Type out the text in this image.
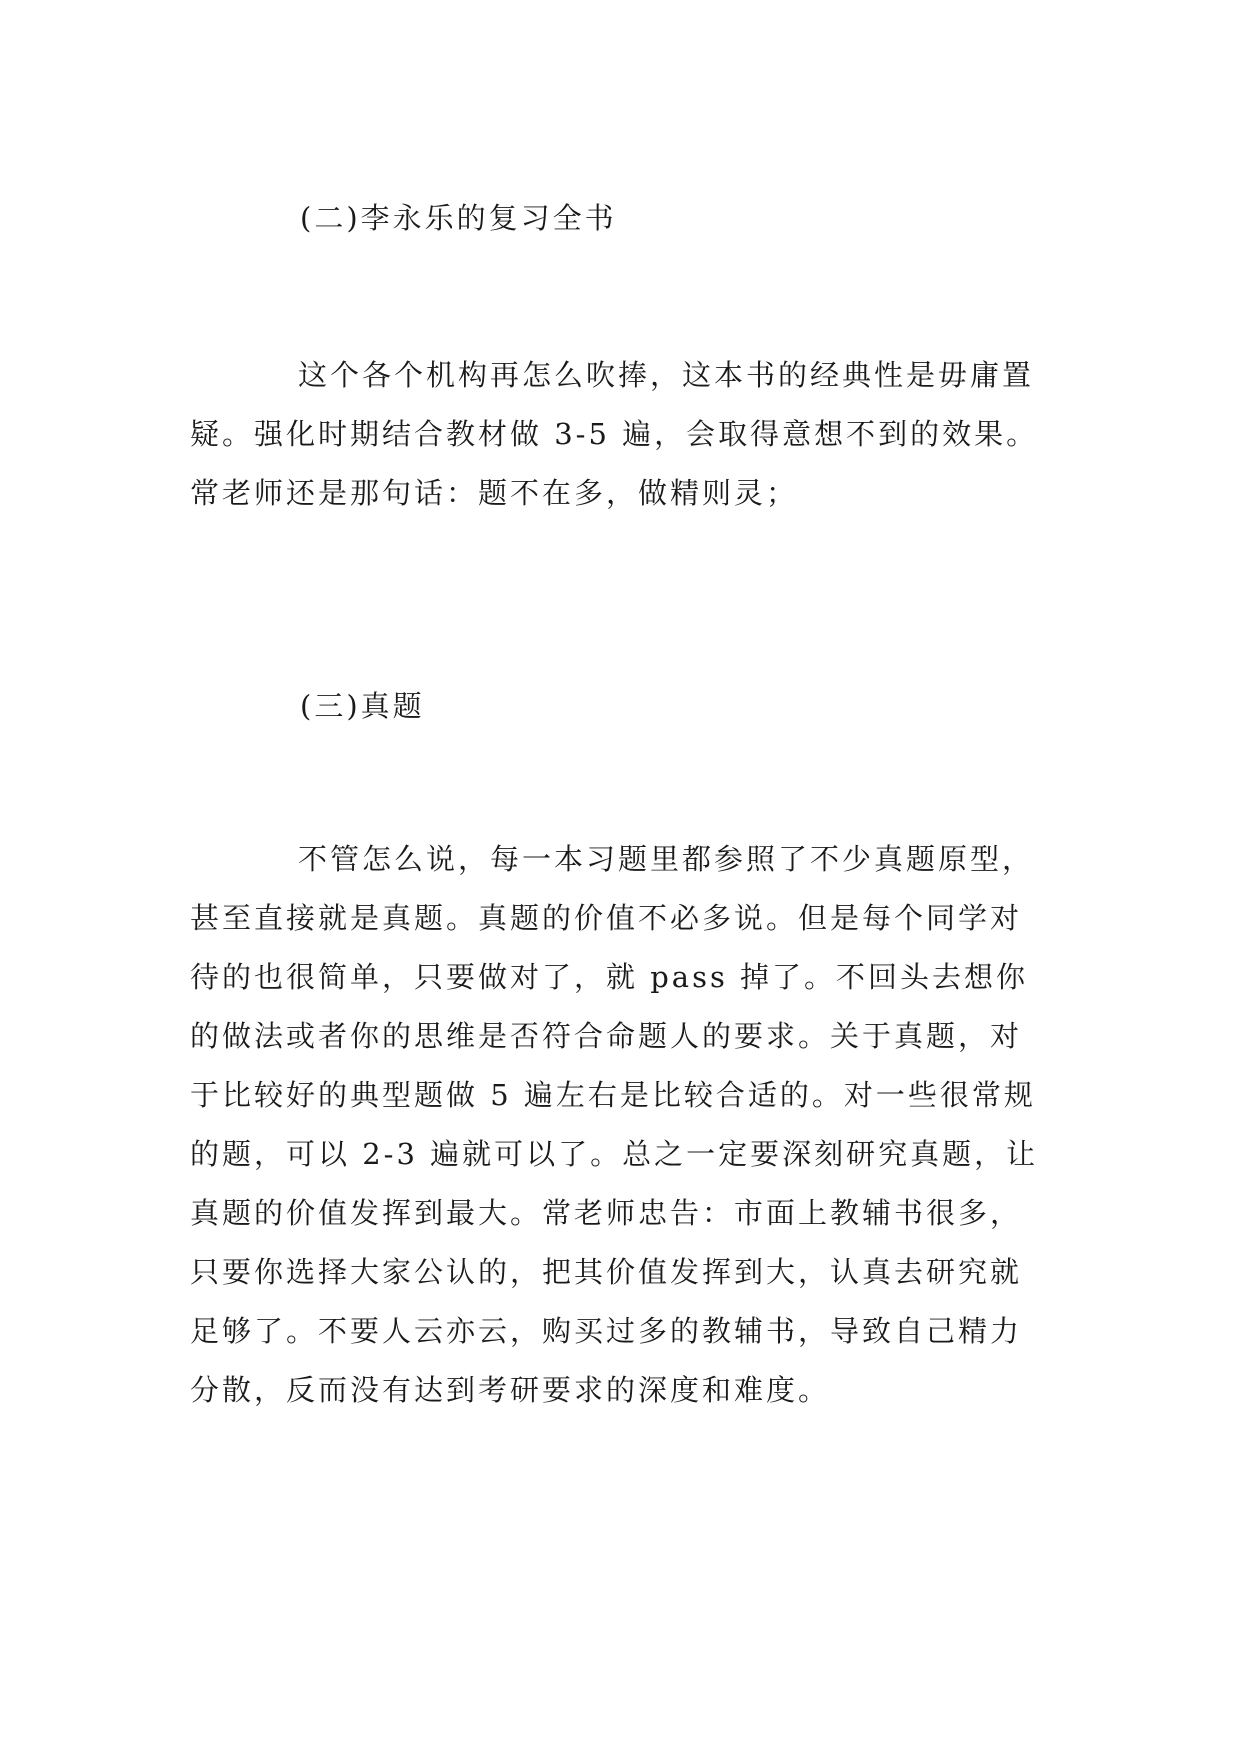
(二)李永乐的复习全书
这个各个机构再怎么吹捧，这本书的经典性是毋庸置
疑。强化时期结合教材做 3-5 遍，会取得意想不到的效果。
常老师还是那句话：题不在多，做精则灵；
(三)真题
不管怎么说，每一本习题里都参照了不少真题原型，
甚至直接就是真题。真题的价值不必多说。但是每个同学对
待的也很简单，只要做对了，就 pass 掉了。不回头去想你
的做法或者你的思维是否符合命题人的要求。关于真题，对
于比较好的典型题做 5 遍左右是比较合适的。对一些很常规
的题，可以 2-3 遍就可以了。总之一定要深刻研究真题，让
真题的价值发挥到最大。常老师忠告：市面上教辅书很多，
只要你选择大家公认的，把其价值发挥到大，认真去研究就
足够了。不要人云亦云，购买过多的教辅书，导致自己精力
分散，反而没有达到考研要求的深度和难度。
